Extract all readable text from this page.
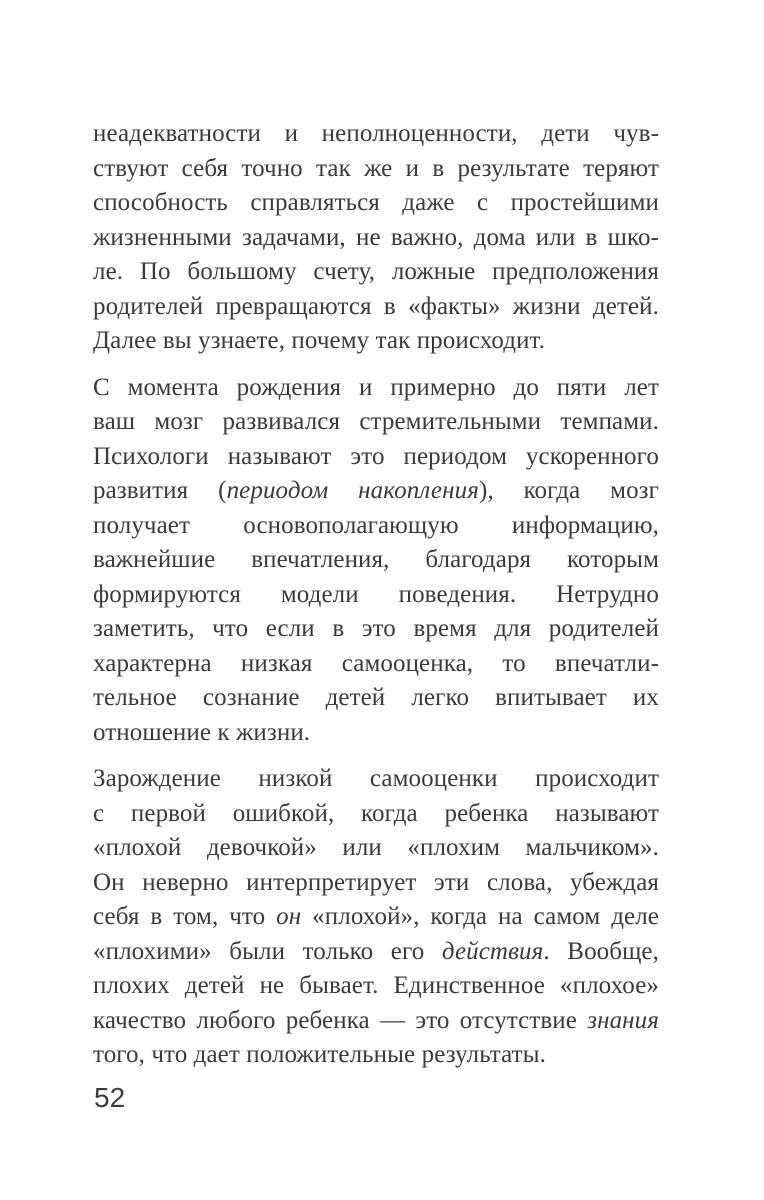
неадекватности и неполноценности, дети чув-
ствуют себя точно так же и в результате теряют
способность справляться даже с простейшими
жизненными задачами, не важно, дома или в шко-
ле. По большому счету, ложные предположения
родителей превращаются в «факты» жизни детей.
Далее вы узнаете, почему так происходит.

С момента рождения и примерно до пяти лет
ваш мозг развивался стремительными темпами.
Психологи называют это периодом ускоренного
развития (периодом накопления), когда мозг
получает основополагающую информацию,
важнейшие впечатления, благодаря которым
формируются модели поведения. Нетрудно
заметить, что если в это время для родителей
характерна низкая самооценка, то впечатли-
тельное сознание детей легко впитывает их
отношение к жизни.

Зарождение низкой самооценки происходит
с первой ошибкой, когда ребенка называют
«плохой девочкой» или «плохим мальчиком».
Он неверно интерпретирует эти слова, убеждая
себя в том, что он «плохой», когда на самом деле
«плохими» были только его действия. Вообще,
плохих детей не бывает. Единственное «плохое»
качество любого ребенка — это отсутствие знания
того, что дает положительные результаты.

52
